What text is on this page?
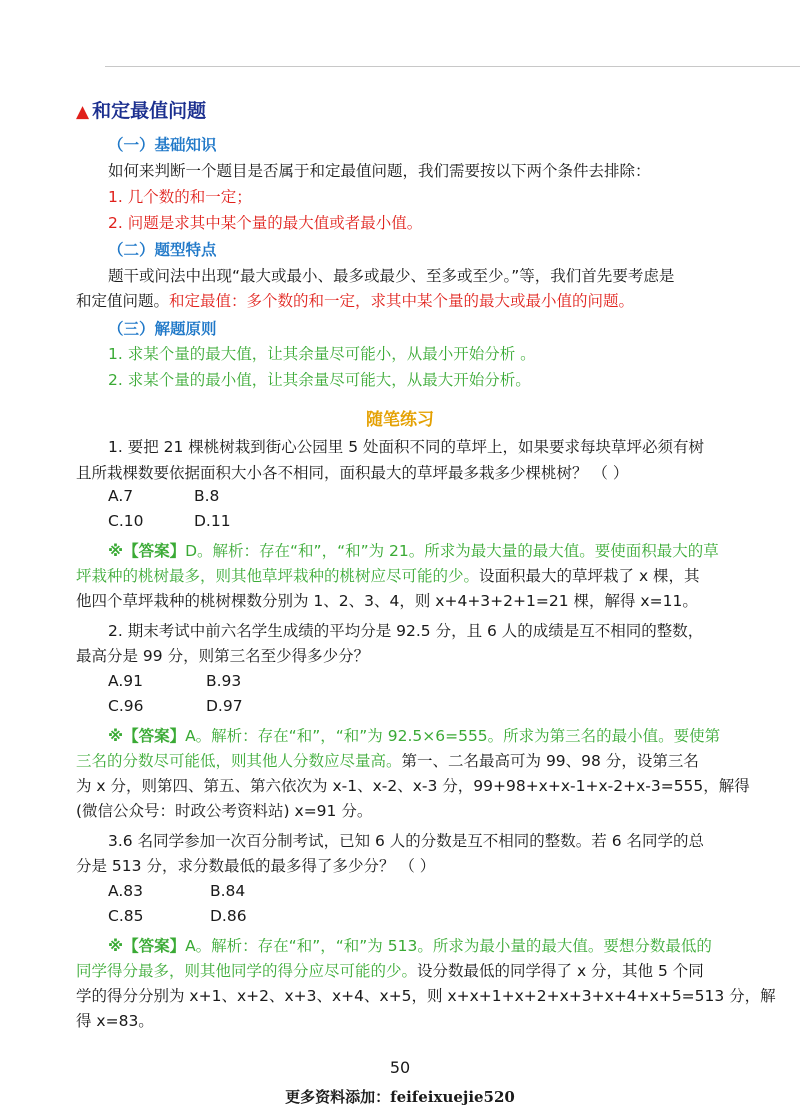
▲ 和定最值问题
（一）基础知识
如何来判断一个题目是否属于和定最值问题，我们需要按以下两个条件去排除：
1. 几个数的和一定；
2. 问题是求其中某个量的最大值或者最小值。
（二）题型特点
题干或问法中出现“最大或最小、最多或最少、至多或至少。”等，我们首先要考虑是
和定值问题。和定最值：多个数的和一定，求其中某个量的最大或最小值的问题。
（三）解题原则
1. 求某个量的最大值，让其余量尽可能小，从最小开始分析 。
2. 求某个量的最小值，让其余量尽可能大，从最大开始分析。
随笔练习
1. 要把 21 棵桃树栽到街心公园里 5 处面积不同的草坪上，如果要求每块草坪必须有树
且所栽棵数要依据面积大小各不相同，面积最大的草坪最多栽多少棵桃树？ （ ）
A.7	B.8
C.10	D.11
※【答案】D。解析：存在“和”，“和”为 21。所求为最大量的最大值。要使面积最大的草
坪栽种的桃树最多，则其他草坪栽种的桃树应尽可能的少。设面积最大的草坪栽了 x 棵，其
他四个草坪栽种的桃树棵数分别为 1、2、3、4，则 x+4+3+2+1=21 棵，解得 x=11。
2. 期末考试中前六名学生成绩的平均分是 92.5 分，且 6 人的成绩是互不相同的整数，
最高分是 99 分，则第三名至少得多少分？
A.91	B.93
C.96	D.97
※【答案】A。解析：存在“和”，“和”为 92.5×6=555。所求为第三名的最小值。要使第
三名的分数尽可能低，则其他人分数应尽量高。第一、二名最高可为 99、98 分，设第三名
为 x 分，则第四、第五、第六依次为 x-1、x-2、x-3 分，99+98+x+x-1+x-2+x-3=555，解得
(微信公众号：时政公考资料站) x=91 分。
3.6 名同学参加一次百分制考试，已知 6 人的分数是互不相同的整数。若 6 名同学的总
分是 513 分，求分数最低的最多得了多少分？ （ ）
A.83	B.84
C.85	D.86
※【答案】A。解析：存在“和”，“和”为 513。所求为最小量的最大值。要想分数最低的
同学得分最多，则其他同学的得分应尽可能的少。设分数最低的同学得了 x 分，其他 5 个同
学的得分分别为 x+1、x+2、x+3、x+4、x+5，则 x+x+1+x+2+x+3+x+4+x+5=513 分，解
得 x=83。
50
更多资料添加：feifeixuejie520
